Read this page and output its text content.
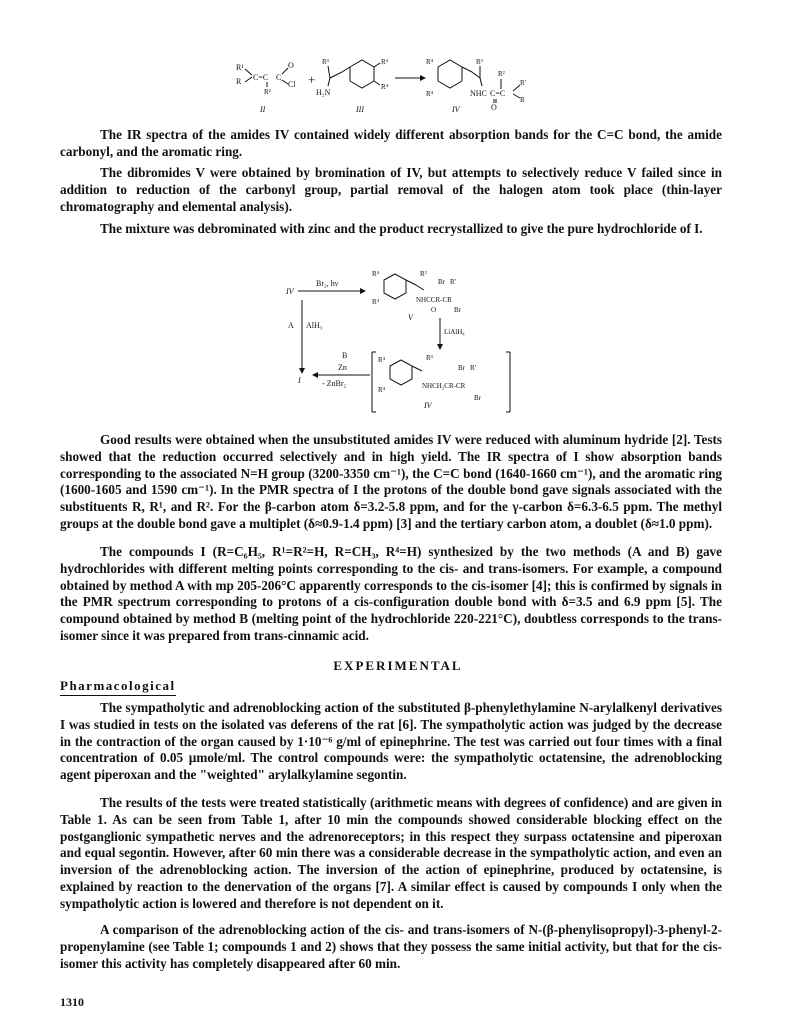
R¹
R C=C C
O
Cl
R²
II
+
R³
H₂N
R⁴
R⁴
III
R⁴
R⁴
R³
NHC C=C
R²
O
R'
R
IV

The IR spectra of the amides IV contained widely different absorption bands for the C=C bond, the amide carbonyl, and the aromatic ring.

The dibromides V were obtained by bromination of IV, but attempts to selectively reduce V failed since in addition to reduction of the carbonyl group, partial removal of the halogen atom took place (thin-layer chromatography and elemental analysis).

The mixture was debrominated with zinc and the product recrystallized to give the pure hydrochloride of I.

IV
Br₂, hν
A AlH₃
I
R⁴
R⁴
R³
Br R'
NHCCR-CR
O	Br
V
LiAlH₄
R⁴
R⁴
R³
Br R'
NHCH₂CR-CR
Br
IV
B
Zn
- ZnBr₂

Good results were obtained when the unsubstituted amides IV were reduced with aluminum hydride [2]. Tests showed that the reduction occurred selectively and in high yield. The IR spectra of I show absorption bands corresponding to the associated N=H group (3200-3350 cm⁻¹), the C=C bond (1640-1660 cm⁻¹), and the aromatic ring (1600-1605 and 1590 cm⁻¹). In the PMR spectra of I the protons of the double bond gave signals associated with the substituents R, R¹, and R². For the β-carbon atom δ=3.2-5.8 ppm, and for the γ-carbon δ=6.3-6.5 ppm. The methyl groups at the double bond gave a multiplet (δ≈0.9-1.4 ppm) [3] and the tertiary carbon atom, a doublet (δ≈1.0 ppm).

The compounds I (R=C₆H₅, R¹=R²=H, R=CH₃, R⁴=H) synthesized by the two methods (A and B) gave hydrochlorides with different melting points corresponding to the cis- and trans-isomers. For example, a compound obtained by method A with mp 205-206°C apparently corresponds to the cis-isomer [4]; this is confirmed by signals in the PMR spectrum corresponding to protons of a cis-configuration double bond with δ=3.5 and 6.9 ppm [5]. The compound obtained by method B (melting point of the hydrochloride 220-221°C), doubtless corresponds to the trans-isomer since it was prepared from trans-cinnamic acid.

EXPERIMENTAL
Pharmacological

The sympatholytic and adrenoblocking action of the substituted β-phenylethylamine N-arylalkenyl derivatives I was studied in tests on the isolated vas deferens of the rat [6]. The sympatholytic action was judged by the decrease in the contraction of the organ caused by 1·10⁻⁶ g/ml of epinephrine. The test was carried out four times with a final concentration of 0.05 µmole/ml. The control compounds were: the sympatholytic octatensine, the adrenoblocking agent piperoxan and the "weighted" arylalkylamine segontin.

The results of the tests were treated statistically (arithmetic means with degrees of confidence) and are given in Table 1. As can be seen from Table 1, after 10 min the compounds showed considerable blocking effect on the postganglionic sympathetic nerves and the adrenoreceptors; in this respect they surpass octatensine and piperoxan and equal segontin. However, after 60 min there was a considerable decrease in the sympatholytic action, and even an inversion of the adrenoblocking action. The inversion of the action of epinephrine, produced by octatensine, is explained by reaction to the denervation of the organs [7]. A similar effect is caused by compounds I only when the sympatholytic action is lowered and therefore is not dependent on it.

A comparison of the adrenoblocking action of the cis- and trans-isomers of N-(β-phenylisopropyl)-3-phenyl-2-propenylamine (see Table 1; compounds 1 and 2) shows that they possess the same initial activity, but that for the cis-isomer this activity has completely disappeared after 60 min.

1310
